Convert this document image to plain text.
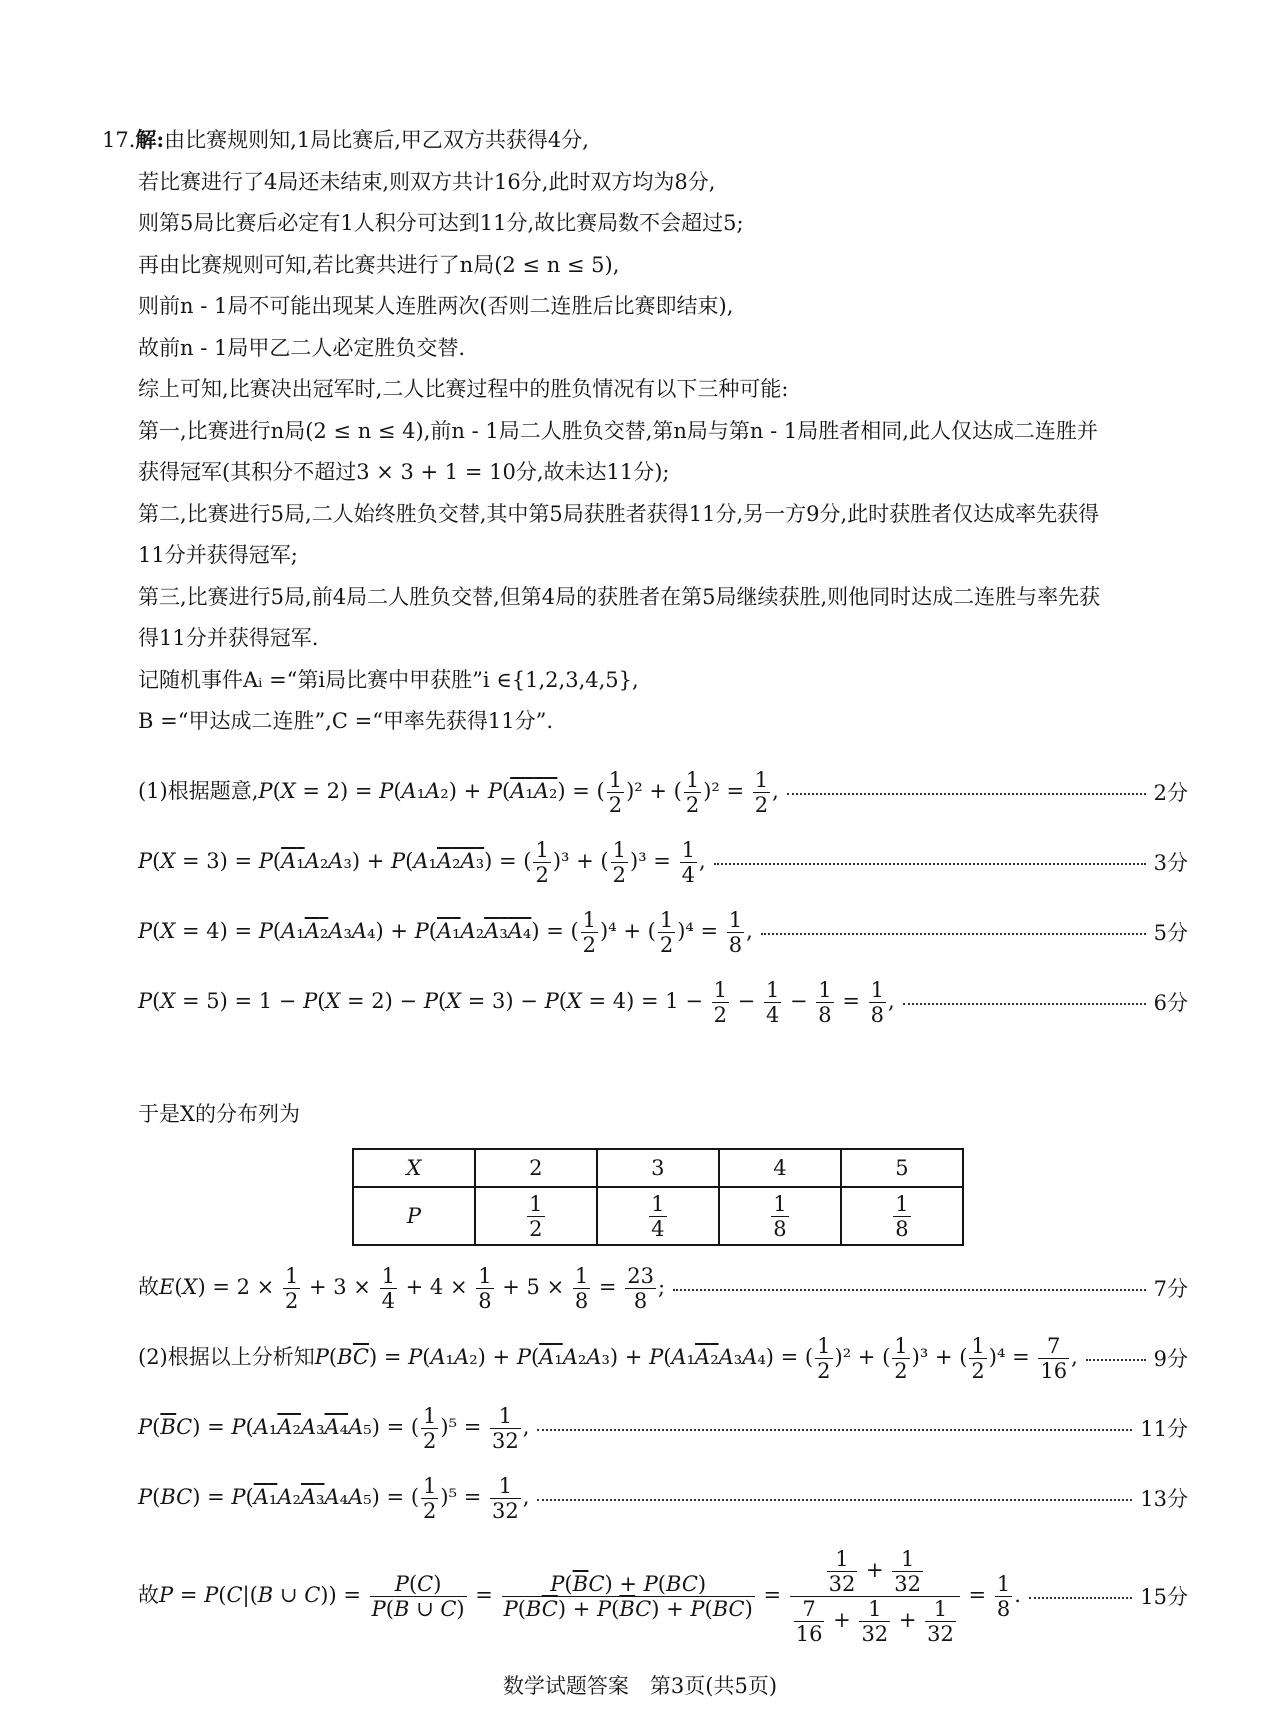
17.解:由比赛规则知,1局比赛后,甲乙双方共获得4分,
若比赛进行了4局还未结束,则双方共计16分,此时双方均为8分,
则第5局比赛后必定有1人积分可达到11分,故比赛局数不会超过5;
再由比赛规则可知,若比赛共进行了n局(2 ≤ n ≤ 5),
则前n - 1局不可能出现某人连胜两次(否则二连胜后比赛即结束),
故前n - 1局甲乙二人必定胜负交替.
综上可知,比赛决出冠军时,二人比赛过程中的胜负情况有以下三种可能:
第一,比赛进行n局(2 ≤ n ≤ 4),前n - 1局二人胜负交替,第n局与第n - 1局胜者相同,此人仅达成二连胜并
获得冠军(其积分不超过3 × 3 + 1 = 10分,故未达11分);
第二,比赛进行5局,二人始终胜负交替,其中第5局获胜者获得11分,另一方9分,此时获胜者仅达成率先获得
11分并获得冠军;
第三,比赛进行5局,前4局二人胜负交替,但第4局的获胜者在第5局继续获胜,则他同时达成二连胜与率先获
得11分并获得冠军.
记随机事件Aᵢ =“第i局比赛中甲获胜”i ∈{1,2,3,4,5},
B =“甲达成二连胜”,C =“甲率先获得11分”.
(1)根据题意,P(X = 2) = P(A₁A₂) + P(A₁A₂) = ( $\frac{1}{2} )^2$ + ( $\frac{1}{2} )^2 = \frac{1}{2}$ ,	2分
P(X = 3) = P(A₁A₂A₃) + P(A₁A₂A₃) = ( $\frac{1}{2} )^3$ + ( $\frac{1}{2} )^3 = \frac{1}{4}$ ,	3分
P(X = 4) = P(A₁A₂A₃A₄) + P(A₁A₂A₃A₄) = ( $\frac{1}{2} )^4$ + ( $\frac{1}{2} )^4 = \frac{1}{8}$ ,	5分
$P(X = 5) = 1 - P(X = 2) - P(X = 3) - P(X = 4) = 1 - \frac{1}{2} - \frac{1}{4} - \frac{1}{8} = \frac{1}{8}$ ,	6分
于是X的分布列为
X	2	3	4	5
P	$\frac{1}{2}$	$\frac{1}{4}$	$\frac{1}{8}$	$\frac{1}{8}$
故$E(X) = 2 \times \frac{1}{2} + 3 \times \frac{1}{4} + 4 \times \frac{1}{8} + 5 \times \frac{1}{8} = \frac{23}{8}$ ;	7分
(2)根据以上分析知$P(B\overline{C}) = P(A_1A_2) + P(A_1A_2A_3) + P(A_1A_2A_3A_4)$ = ( $\frac{1}{2} )^2$ + ( $\frac{1}{2} )^3$ + ( $\frac{1}{2} )^4 = \frac{7}{16}$ ,	9分
$P(\overline{B}C) = P(A_1A_2A_3A_4A_5)$ = ( $\frac{1}{2} )^5 = \frac{1}{32}$ ,	11分
P(BC) = P(A₁A₂A₃A₄A₅) = ( $\frac{1}{2} )^5 = \frac{1}{32}$ ,	13分
故P = P(C|(B ∪ $C)) = \frac{P(C)}{P(B \cup C)} = \frac{P(\overline{B}C) + P(BC)}{P(B\overline{C}) + P(\overline{B}C) + P(BC)} = \frac{\frac{1}{32} + \frac{1}{32}}{\frac{7}{16} + \frac{1}{32} + \frac{1}{32}} = \frac{1}{8}$ .	15分
数学试题答案　第3页(共5页)
